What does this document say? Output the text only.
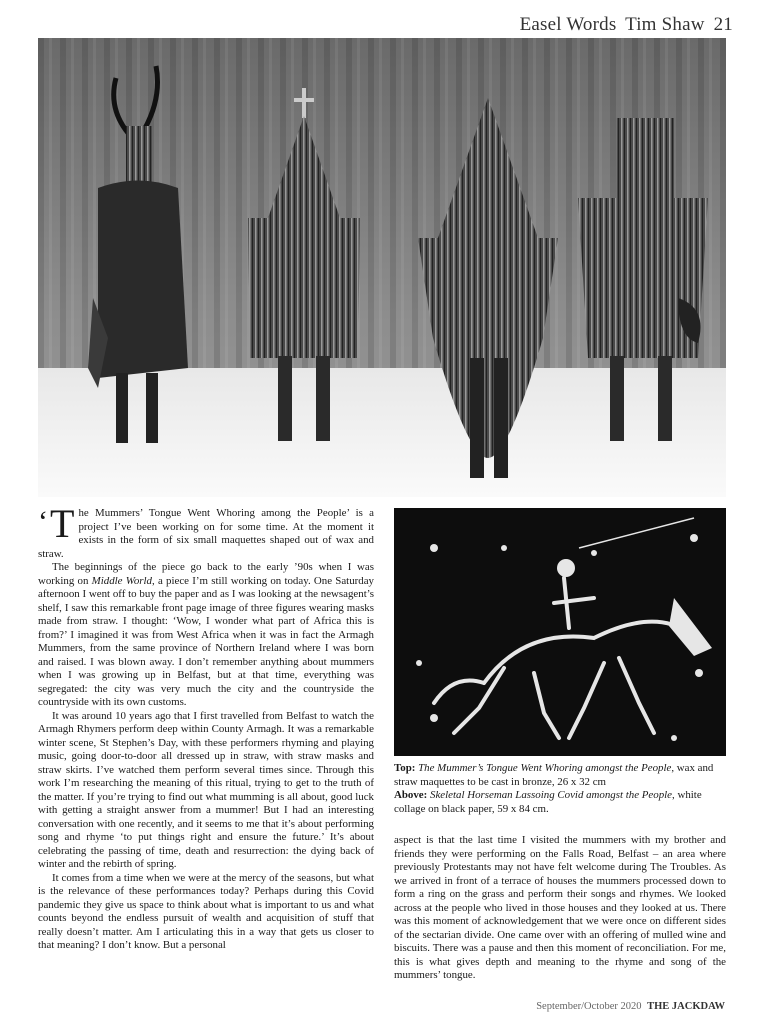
Easel Words Tim Shaw 21

‘ T he Mummers’ Tongue Went Whoring among the People’ is a project I’ve been working on for some time. At the moment it exists in the form of six small maquettes shaped out of wax and straw.

The beginnings of the piece go back to the early ’90s when I was working on Middle World, a piece I’m still working on today. One Saturday afternoon I went off to buy the paper and as I was looking at the newsagent’s shelf, I saw this remarkable front page image of three figures wearing masks made from straw. I thought: ‘Wow, I wonder what part of Africa this is from?’ I imagined it was from West Africa when it was in fact the Armagh Mummers, from the same province of Northern Ireland where I was born and raised. I was blown away. I don’t remember anything about mummers when I was growing up in Belfast, but at that time, everything was segregated: the city was very much the city and the countryside the countryside with its own customs.

It was around 10 years ago that I first travelled from Belfast to watch the Armagh Rhymers perform deep within County Armagh. It was a remarkable winter scene, St Stephen’s Day, with these performers rhyming and playing music, going door-to-door all dressed up in straw, with straw masks and straw skirts. I’ve watched them perform several times since. Through this work I’m researching the meaning of this ritual, trying to get to the truth of the matter. If you’re trying to find out what mumming is all about, good luck with getting a straight answer from a mummer! But I had an interesting conversation with one recently, and it seems to me that it’s about performing song and rhyme ‘to put things right and ensure the future.’ It’s about celebrating the passing of time, death and resurrection: the dying back of winter and the rebirth of spring.

It comes from a time when we were at the mercy of the seasons, but what is the relevance of these performances today? Perhaps during this Covid pandemic they give us space to think about what is important to us and what counts beyond the endless pursuit of wealth and acquisition of stuff that really doesn’t matter. Am I articulating this in a way that gets us closer to that meaning? I don’t know. But a personal

Top: The Mummer’s Tongue Went Whoring amongst the People, wax and straw maquettes to be cast in bronze, 26 x 32 cm
Above: Skeletal Horseman Lassoing Covid amongst the People, white collage on black paper, 59 x 84 cm.

aspect is that the last time I visited the mummers with my brother and friends they were performing on the Falls Road, Belfast – an area where previously Protestants may not have felt welcome during The Troubles. As we arrived in front of a terrace of houses the mummers processed down to form a ring on the grass and perform their songs and rhymes. We looked across at the people who lived in those houses and they looked at us. There was this moment of acknowledgement that we were once on different sides of the sectarian divide. One came over with an offering of mulled wine and biscuits. There was a pause and then this moment of reconciliation. For me, this is what gives depth and meaning to the rhyme and song of the mummers’ tongue.

September/October 2020 THE JACKDAW
